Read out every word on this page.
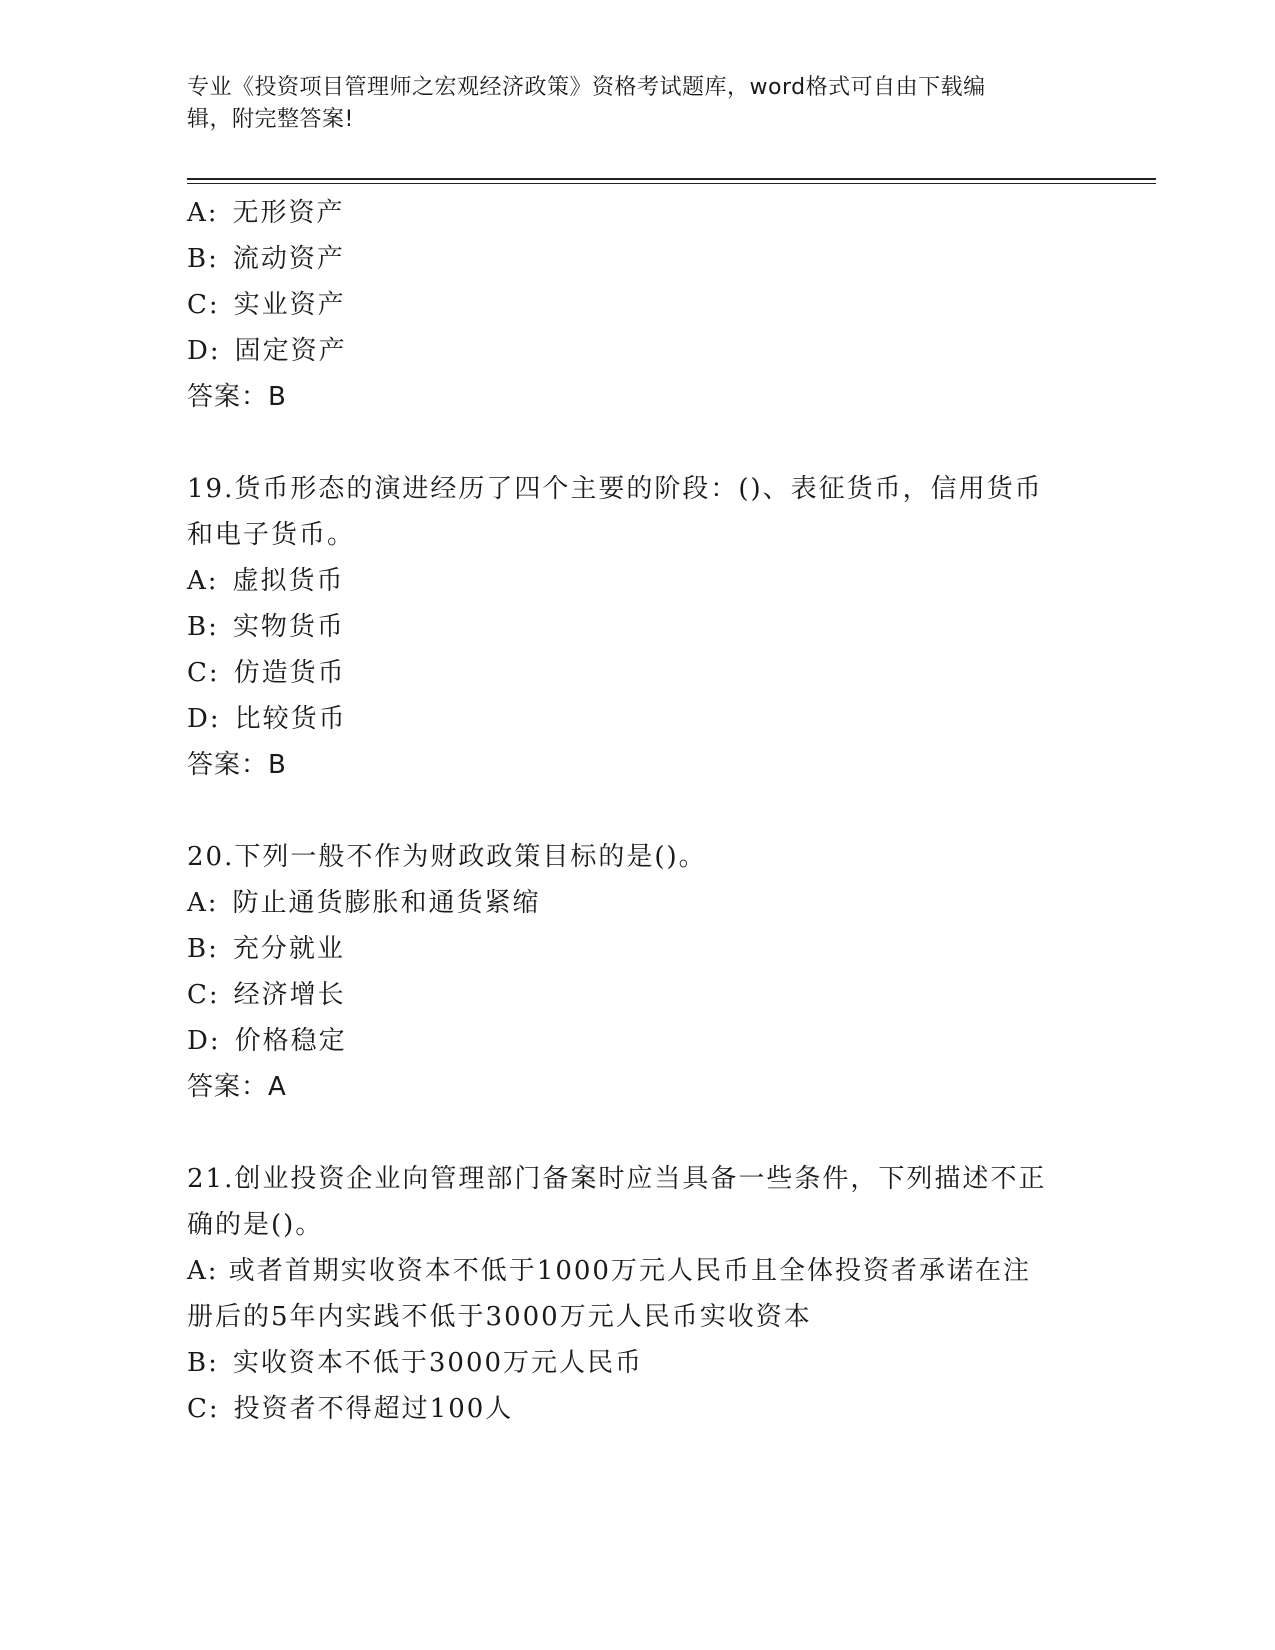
专业《投资项目管理师之宏观经济政策》资格考试题库，word格式可自由下载编
辑，附完整答案!
A: 无形资产
B: 流动资产
C: 实业资产
D: 固定资产
答案：B
19.货币形态的演进经历了四个主要的阶段：()、表征货币，信用货币
和电子货币。
A: 虚拟货币
B: 实物货币
C: 仿造货币
D: 比较货币
答案：B
20.下列一般不作为财政政策目标的是()。
A: 防止通货膨胀和通货紧缩
B: 充分就业
C: 经济增长
D: 价格稳定
答案：A
21.创业投资企业向管理部门备案时应当具备一些条件，下列描述不正
确的是()。
A: 或者首期实收资本不低于1000万元人民币且全体投资者承诺在注
册后的5年内实践不低于3000万元人民币实收资本
B: 实收资本不低于3000万元人民币
C: 投资者不得超过100人
